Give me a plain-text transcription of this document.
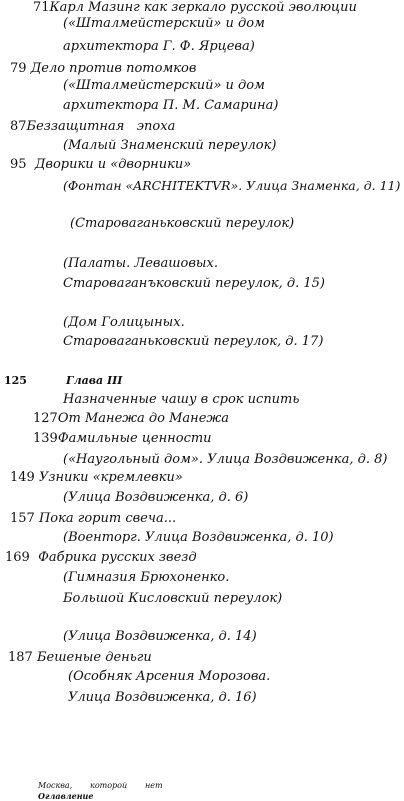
71Карл Мазинг как зеркало русской эволюции
(«Шталмейстерский» и дом
архитектора Г. Ф. Ярцева)
79 Дело против потомков
(«Шталмейстерский» и дом
архитектора П. М. Самарина)
87Беззащитная   эпоха
(Малый Знаменский переулок)
95 Дворики и «дворники»
(Фонтан «ARCHITEKTVR». Улица Знаменка, д. 11)
(Староваганьковский переулок)
(Палаты. Левашовых.
Староваганъковский переулок, д. 15)
(Дом Голицыных.
Староваганьковский переулок, д. 17)
125	Глава III
Назначенные чашу в срок испить
127От Манежа до Манежа
139Фамильные ценности
(«Наугольный дом». Улица Воздвиженка, д. 8)
149 Узники «кремлевки»
(Улица Воздвиженка, д. 6)
157 Пока горит свеча...
(Военторг. Улица Воздвиженка, д. 10)
169 Фабрика русских звезд
(Гимназия Брюхоненко.
Большой Кисловский переулок)
(Улица Воздвиженка, д. 14)
187 Бешеные деньги
(Особняк Арсения Морозова.
Улица Воздвиженка, д. 16)
Москва, которой нет
Оглавление
